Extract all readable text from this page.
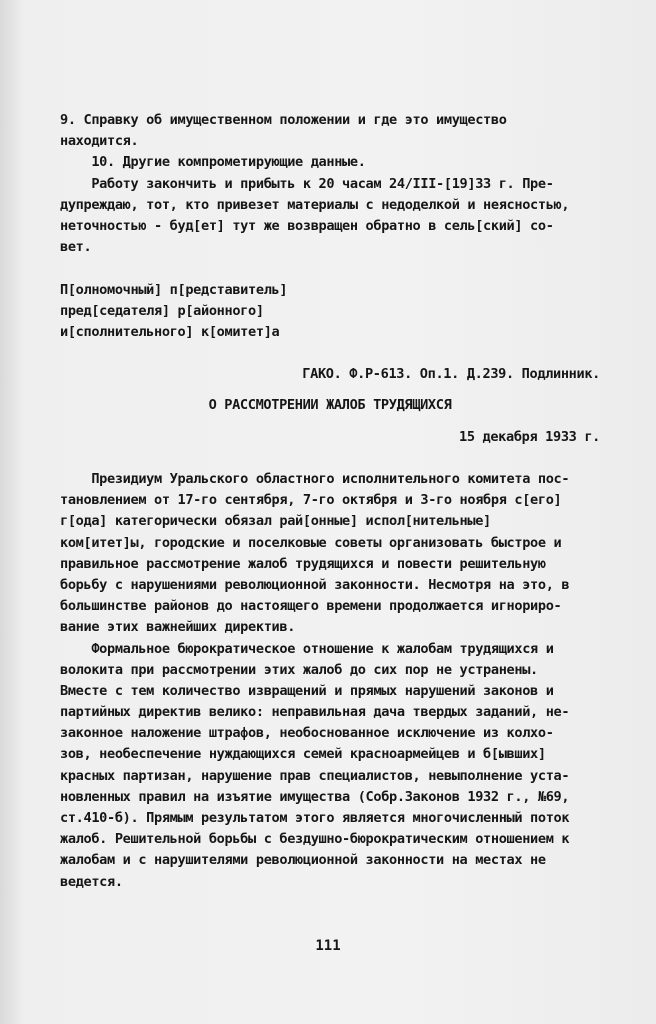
9. Справку об имущественном положении и где это имущество
находится.
10. Другие компрометирующие данные.
Работу закончить и прибыть к 20 часам 24/III-[19]33 г. Пре-
дупреждаю, тот, кто привезет материалы с недоделкой и неясностью,
неточностью - буд[ет] тут же возвращен обратно в сель[ский] со-
вет.
П[олномочный] п[редставитель]
пред[седателя] р[айонного]
и[сполнительного] к[омитет]а
ГАКО. Ф.Р-613. Оп.1. Д.239. Подлинник.
О РАССМОТРЕНИИ ЖАЛОБ ТРУДЯЩИХСЯ
15 декабря 1933 г.
Президиум Уральского областного исполнительного комитета пос-
тановлением от 17-го сентября, 7-го октября и 3-го ноября с[его]
г[ода] категорически обязал рай[онные] испол[нительные]
ком[итет]ы, городские и поселковые советы организовать быстрое и
правильное рассмотрение жалоб трудящихся и повести решительную
борьбу с нарушениями революционной законности. Несмотря на это, в
большинстве районов до настоящего времени продолжается игнориро-
вание этих важнейших директив.
Формальное бюрократическое отношение к жалобам трудящихся и
волокита при рассмотрении этих жалоб до сих пор не устранены.
Вместе с тем количество извращений и прямых нарушений законов и
партийных директив велико: неправильная дача твердых заданий, не-
законное наложение штрафов, необоснованное исключение из колхо-
зов, необеспечение нуждающихся семей красноармейцев и б[ывших]
красных партизан, нарушение прав специалистов, невыполнение уста-
новленных правил на изъятие имущества (Собр.Законов 1932 г., №69,
ст.410-б). Прямым результатом этого является многочисленный поток
жалоб. Решительной борьбы с бездушно-бюрократическим отношением к
жалобам и с нарушителями революционной законности на местах не
ведется.
111
